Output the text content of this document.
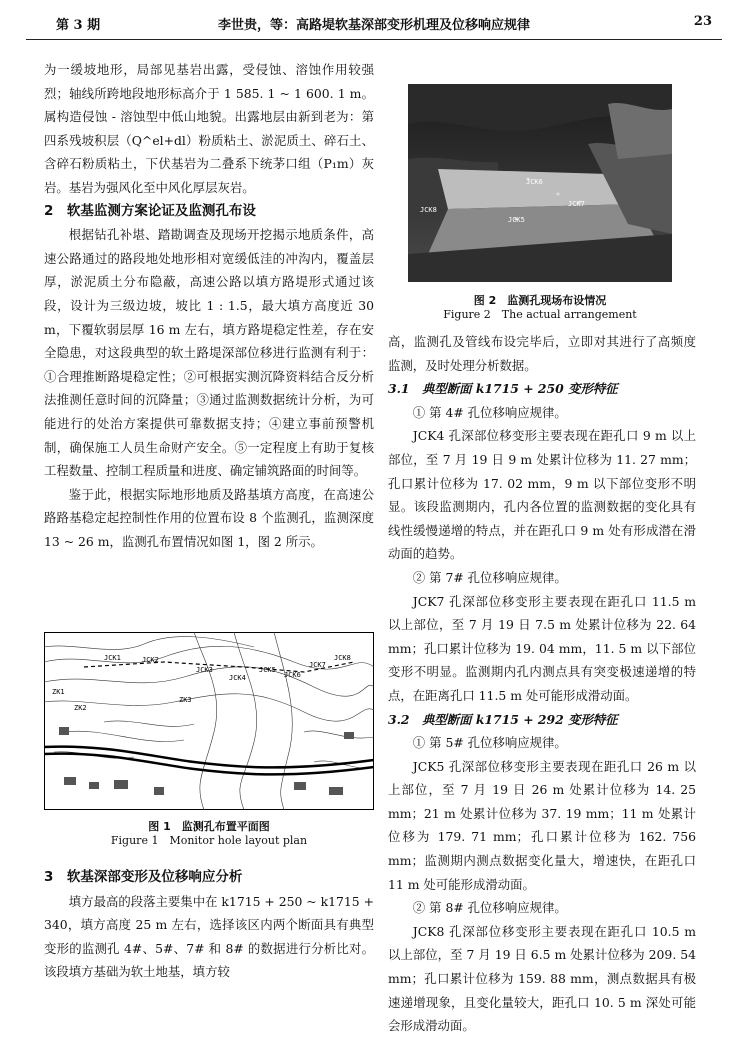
第 3 期	李世贵，等：高路堤软基深部变形机理及位移响应规律	23

为一缓坡地形，局部见基岩出露，受侵蚀、溶蚀作用较强烈；轴线所跨地段地形标高介于 1 585. 1 ~ 1 600. 1 m。属构造侵蚀 - 溶蚀型中低山地貌。出露地层由新到老为：第四系残坡积层（Q^el+dl）粉质粘土、淤泥质土、碎石土、含碎石粉质粘土，下伏基岩为二叠系下统茅口组（P₁m）灰岩。基岩为强风化至中风化厚层灰岩。

2　软基监测方案论证及监测孔布设

根据钻孔补堪、踏勘调查及现场开挖揭示地质条件，高速公路通过的路段地处地形相对宽缓低洼的冲沟内，覆盖层厚，淤泥质土分布隐蔽，高速公路以填方路堤形式通过该段，设计为三级边坡，坡比 1 : 1.5，最大填方高度近 30 m，下覆软弱层厚 16 m 左右，填方路堤稳定性差，存在安全隐患，对这段典型的软土路堤深部位移进行监测有利于：①合理推断路堤稳定性；②可根据实测沉降资料结合反分析法推测任意时间的沉降量；③通过监测数据统计分析，为可能进行的处治方案提供可靠数据支持；④建立事前预警机制，确保施工人员生命财产安全。⑤一定程度上有助于复核工程数量、控制工程质量和进度、确定铺筑路面的时间等。

鉴于此，根据实际地形地质及路基填方高度，在高速公路路基稳定起控制性作用的位置布设 8 个监测孔，监测深度 13 ~ 26 m，监测孔布置情况如图 1，图 2 所示。

JCK1	JCK2
JCK3
JCK4
JCK5
JCK6
JCK7
JCK8
ZK1
ZK2
ZK3
图 1　监测孔布置平面图
Figure 1　Monitor hole layout plan

3　软基深部变形及位移响应分析

填方最高的段落主要集中在 k1715 + 250 ~ k1715 + 340，填方高度 25 m 左右，选择该区内两个断面具有典型变形的监测孔 4#、5#、7# 和 8# 的数据进行分析比对。该段填方基础为软土地基，填方较

JCK8
JCK5
JCK6
JCK7
图 2　监测孔现场布设情况
Figure 2　The actual arrangement

高，监测孔及管线布设完毕后，立即对其进行了高频度监测，及时处理分析数据。

3.1　典型断面 k1715 + 250 变形特征

① 第 4# 孔位移响应规律。

JCK4 孔深部位移变形主要表现在距孔口 9 m 以上部位，至 7 月 19 日 9 m 处累计位移为 11. 27 mm；孔口累计位移为 17. 02 mm，9 m 以下部位变形不明显。该段监测期内，孔内各位置的监测数据的变化具有线性缓慢递增的特点，并在距孔口 9 m 处有形成潜在滑动面的趋势。

② 第 7# 孔位移响应规律。

JCK7 孔深部位移变形主要表现在距孔口 11.5 m 以上部位，至 7 月 19 日 7.5 m 处累计位移为 22. 64 mm；孔口累计位移为 19. 04 mm，11. 5 m 以下部位变形不明显。监测期内孔内测点具有突变极速递增的特点，在距离孔口 11.5 m 处可能形成滑动面。

3.2　典型断面 k1715 + 292 变形特征

① 第 5# 孔位移响应规律。

JCK5 孔深部位移变形主要表现在距孔口 26 m 以上部位，至 7 月 19 日 26 m 处累计位移为 14. 25 mm；21 m 处累计位移为 37. 19 mm；11 m 处累计位移为 179. 71 mm；孔口累计位移为 162. 756 mm；监测期内测点数据变化量大，增速快，在距孔口 11 m 处可能形成滑动面。

② 第 8# 孔位移响应规律。

JCK8 孔深部位移变形主要表现在距孔口 10.5 m 以上部位，至 7 月 19 日 6.5 m 处累计位移为 209. 54 mm；孔口累计位移为 159. 88 mm，测点数据具有极速递增现象，且变化量较大，距孔口 10. 5 m 深处可能会形成滑动面。
